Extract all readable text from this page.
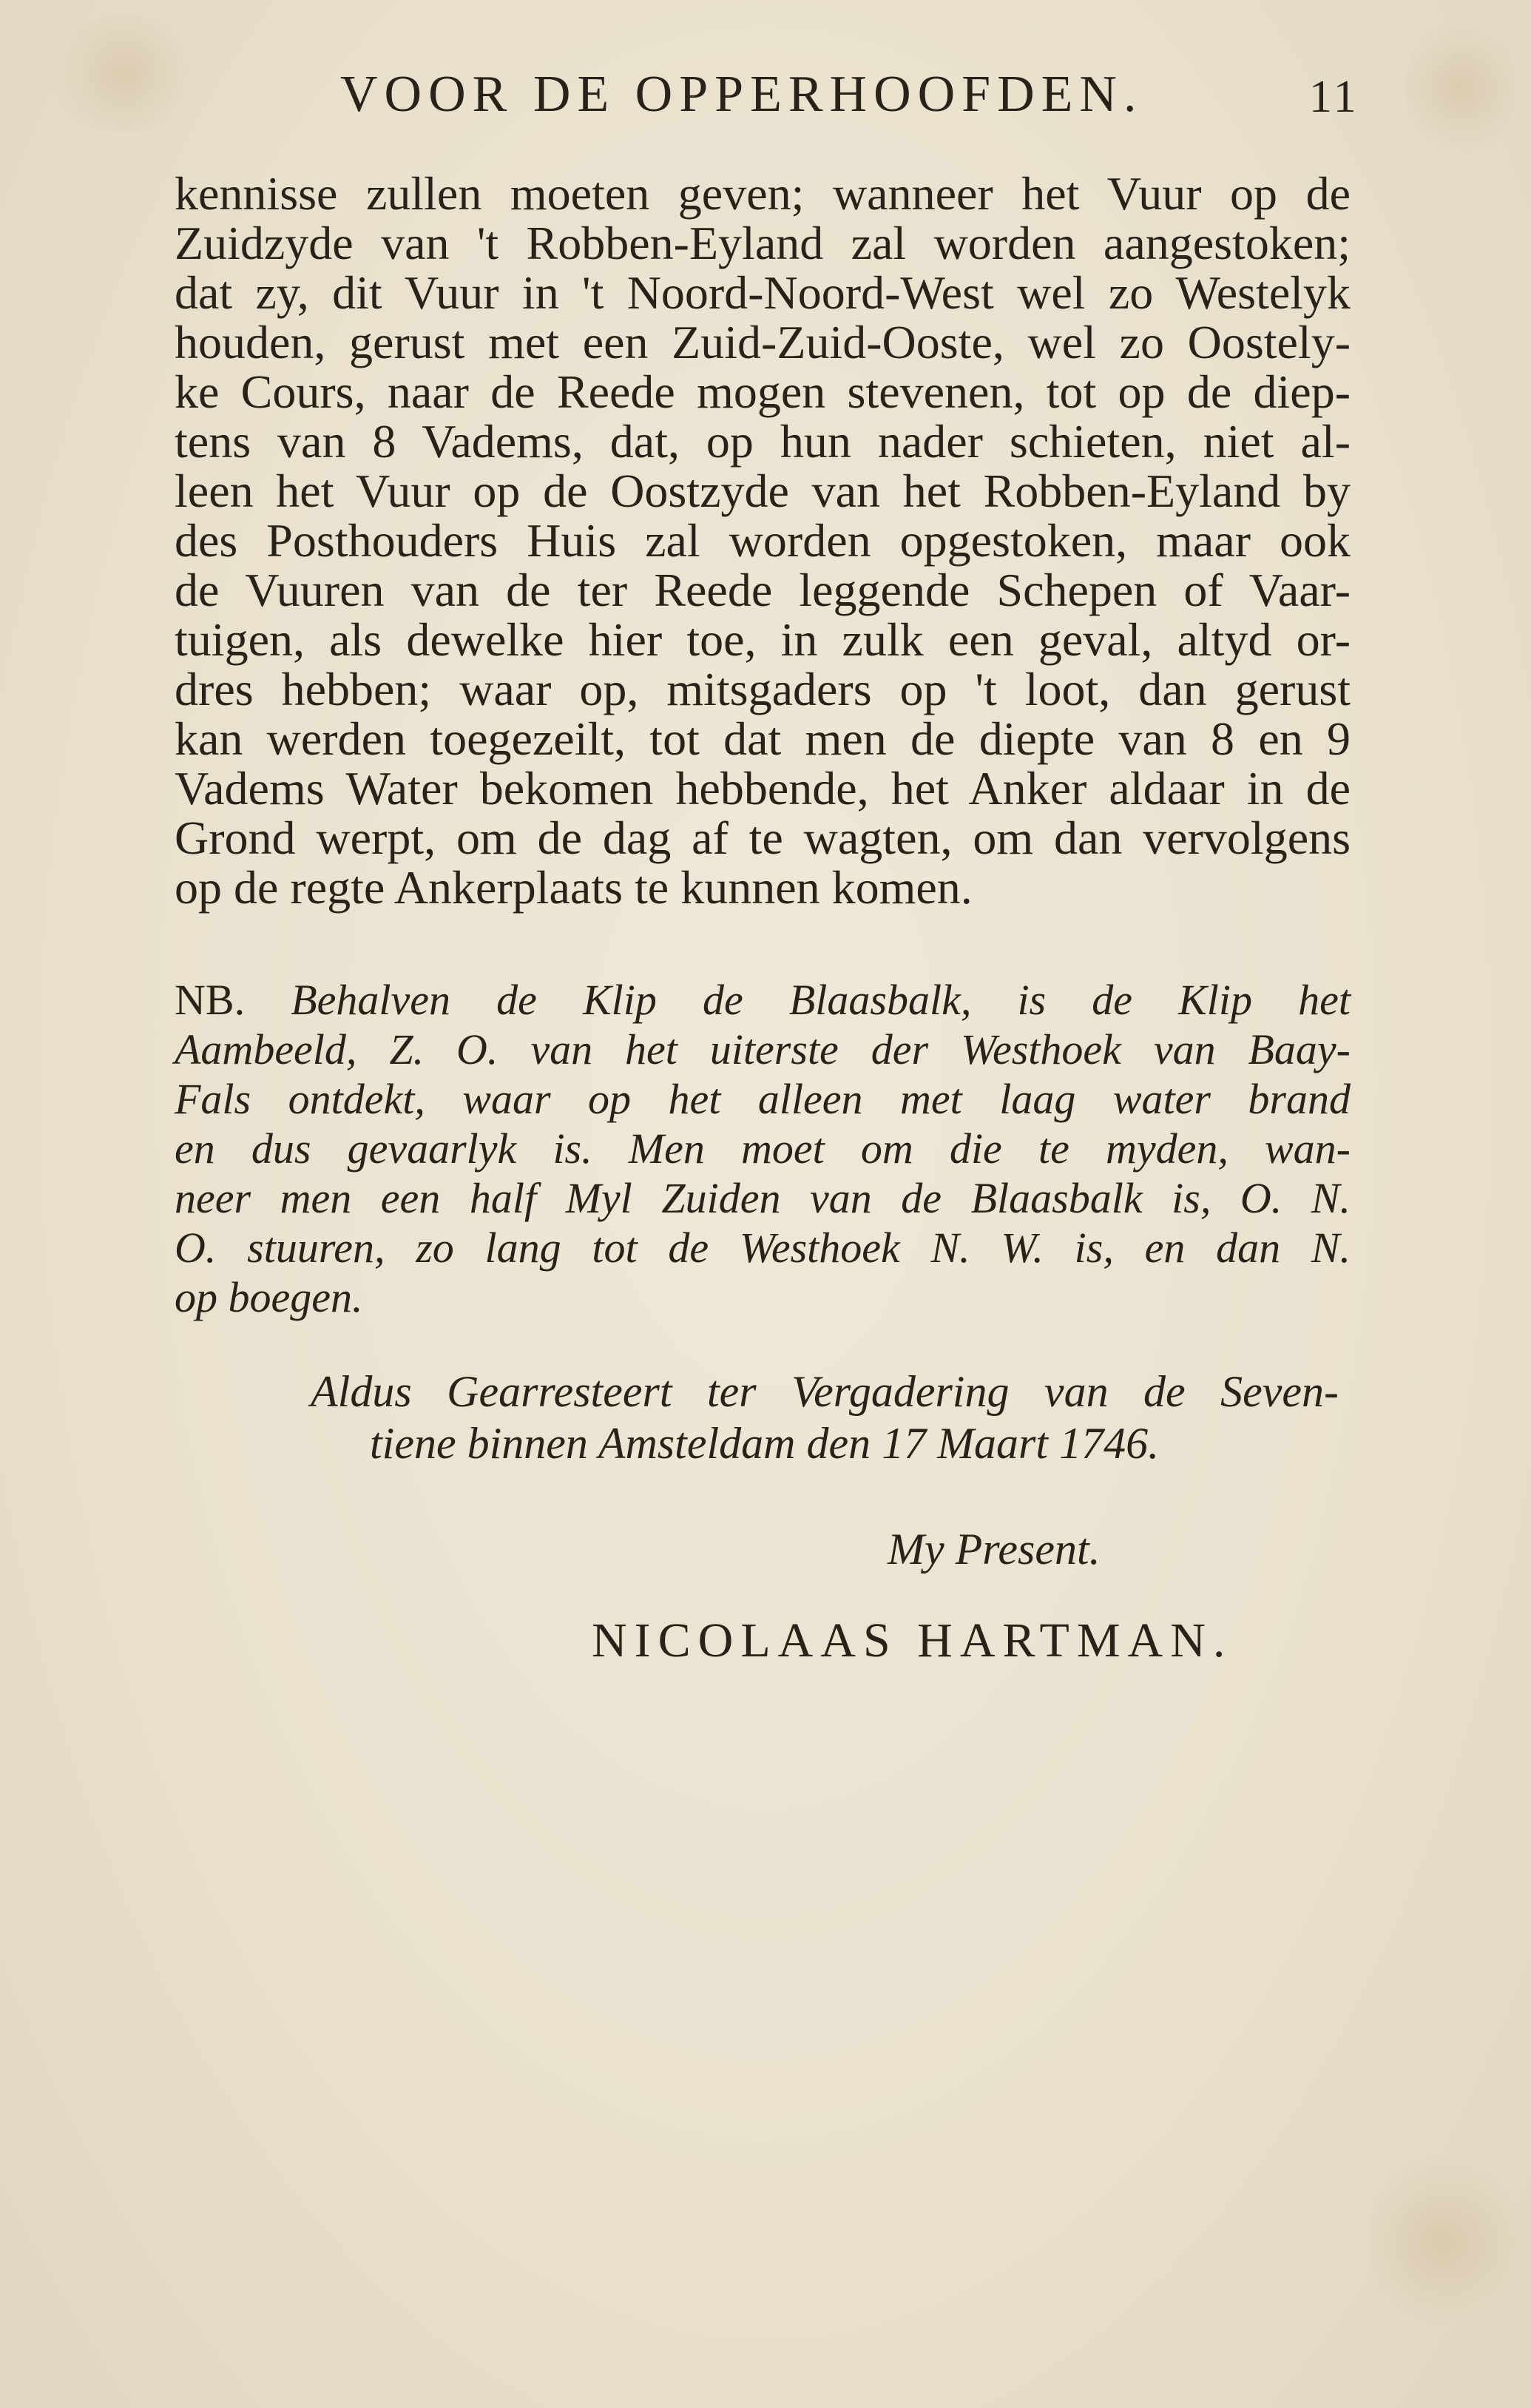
VOOR DE OPPERHOOFDEN.	11
kennisse zullen moeten geven; wanneer het Vuur op de
Zuidzyde van 't Robben-Eyland zal worden aangestoken;
dat zy, dit Vuur in 't Noord-Noord-West wel zo Westelyk
houden, gerust met een Zuid-Zuid-Ooste, wel zo Oostely-
ke Cours, naar de Reede mogen stevenen, tot op de diep-
tens van 8 Vadems, dat, op hun nader schieten, niet al-
leen het Vuur op de Oostzyde van het Robben-Eyland by
des Posthouders Huis zal worden opgestoken, maar ook
de Vuuren van de ter Reede leggende Schepen of Vaar-
tuigen, als dewelke hier toe, in zulk een geval, altyd or-
dres hebben; waar op, mitsgaders op 't loot, dan gerust
kan werden toegezeilt, tot dat men de diepte van 8 en 9
Vadems Water bekomen hebbende, het Anker aldaar in de
Grond werpt, om de dag af te wagten, om dan vervolgens
op de regte Ankerplaats te kunnen komen.
NB. Behalven de Klip de Blaasbalk, is de Klip het
Aambeeld, Z. O. van het uiterste der Westhoek van Baay-
Fals ontdekt, waar op het alleen met laag water brand
en dus gevaarlyk is. Men moet om die te myden, wan-
neer men een half Myl Zuiden van de Blaasbalk is, O. N.
O. stuuren, zo lang tot de Westhoek N. W. is, en dan N.
op boegen.
Aldus Gearresteert ter Vergadering van de Seven-
tiene binnen Amsteldam den 17 Maart 1746.
My Present.
NICOLAAS HARTMAN.
